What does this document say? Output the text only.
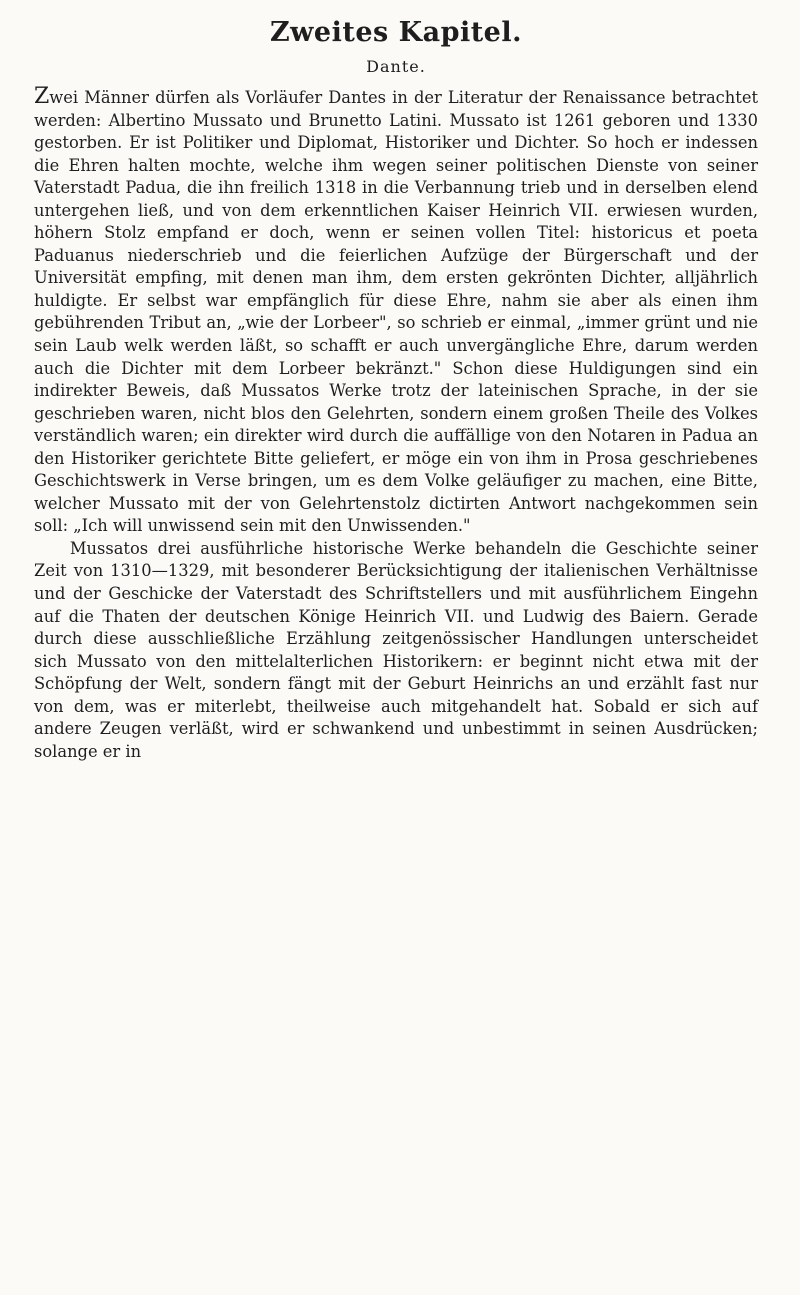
Zweites Kapitel.
Dante.

Zwei Männer dürfen als Vorläufer Dantes in der Literatur der Renaissance betrachtet werden: Albertino Mussato und Brunetto Latini. Mussato ist 1261 geboren und 1330 gestorben. Er ist Politiker und Diplomat, Historiker und Dichter. So hoch er indessen die Ehren halten mochte, welche ihm wegen seiner politischen Dienste von seiner Vaterstadt Padua, die ihn freilich 1318 in die Verbannung trieb und in derselben elend untergehen ließ, und von dem erkenntlichen Kaiser Heinrich VII. erwiesen wurden, höhern Stolz empfand er doch, wenn er seinen vollen Titel: historicus et poeta Paduanus niederschrieb und die feierlichen Aufzüge der Bürgerschaft und der Universität empfing, mit denen man ihm, dem ersten gekrönten Dichter, alljährlich huldigte. Er selbst war empfänglich für diese Ehre, nahm sie aber als einen ihm gebührenden Tribut an, „wie der Lorbeer", so schrieb er einmal, „immer grünt und nie sein Laub welk werden läßt, so schafft er auch unvergängliche Ehre, darum werden auch die Dichter mit dem Lorbeer bekränzt." Schon diese Huldigungen sind ein indirekter Beweis, daß Mussatos Werke trotz der lateinischen Sprache, in der sie geschrieben waren, nicht blos den Gelehrten, sondern einem großen Theile des Volkes verständlich waren; ein direkter wird durch die auffällige von den Notaren in Padua an den Historiker gerichtete Bitte geliefert, er möge ein von ihm in Prosa geschriebenes Geschichtswerk in Verse bringen, um es dem Volke geläufiger zu machen, eine Bitte, welcher Mussato mit der von Gelehrtenstolz dictirten Antwort nachgekommen sein soll: „Ich will unwissend sein mit den Unwissenden."

Mussatos drei ausführliche historische Werke behandeln die Geschichte seiner Zeit von 1310—1329, mit besonderer Berücksichtigung der italienischen Verhältnisse und der Geschicke der Vaterstadt des Schriftstellers und mit ausführlichem Eingehn auf die Thaten der deutschen Könige Heinrich VII. und Ludwig des Baiern. Gerade durch diese ausschließliche Erzählung zeitgenössischer Handlungen unterscheidet sich Mussato von den mittelalterlichen Historikern: er beginnt nicht etwa mit der Schöpfung der Welt, sondern fängt mit der Geburt Heinrichs an und erzählt fast nur von dem, was er miterlebt, theilweise auch mitgehandelt hat. Sobald er sich auf andere Zeugen verläßt, wird er schwankend und unbestimmt in seinen Ausdrücken; solange er in
